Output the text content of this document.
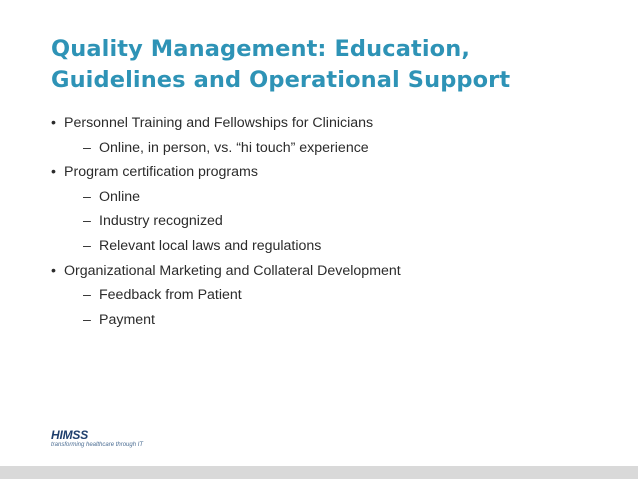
Quality Management: Education,
Guidelines and Operational Support
• Personnel Training and Fellowships for Clinicians
– Online, in person, vs. “hi touch” experience
• Program certification programs
– Online
– Industry recognized
– Relevant local laws and regulations
• Organizational Marketing and Collateral Development
– Feedback from Patient
– Payment
HIMSS
transforming healthcare through IT
